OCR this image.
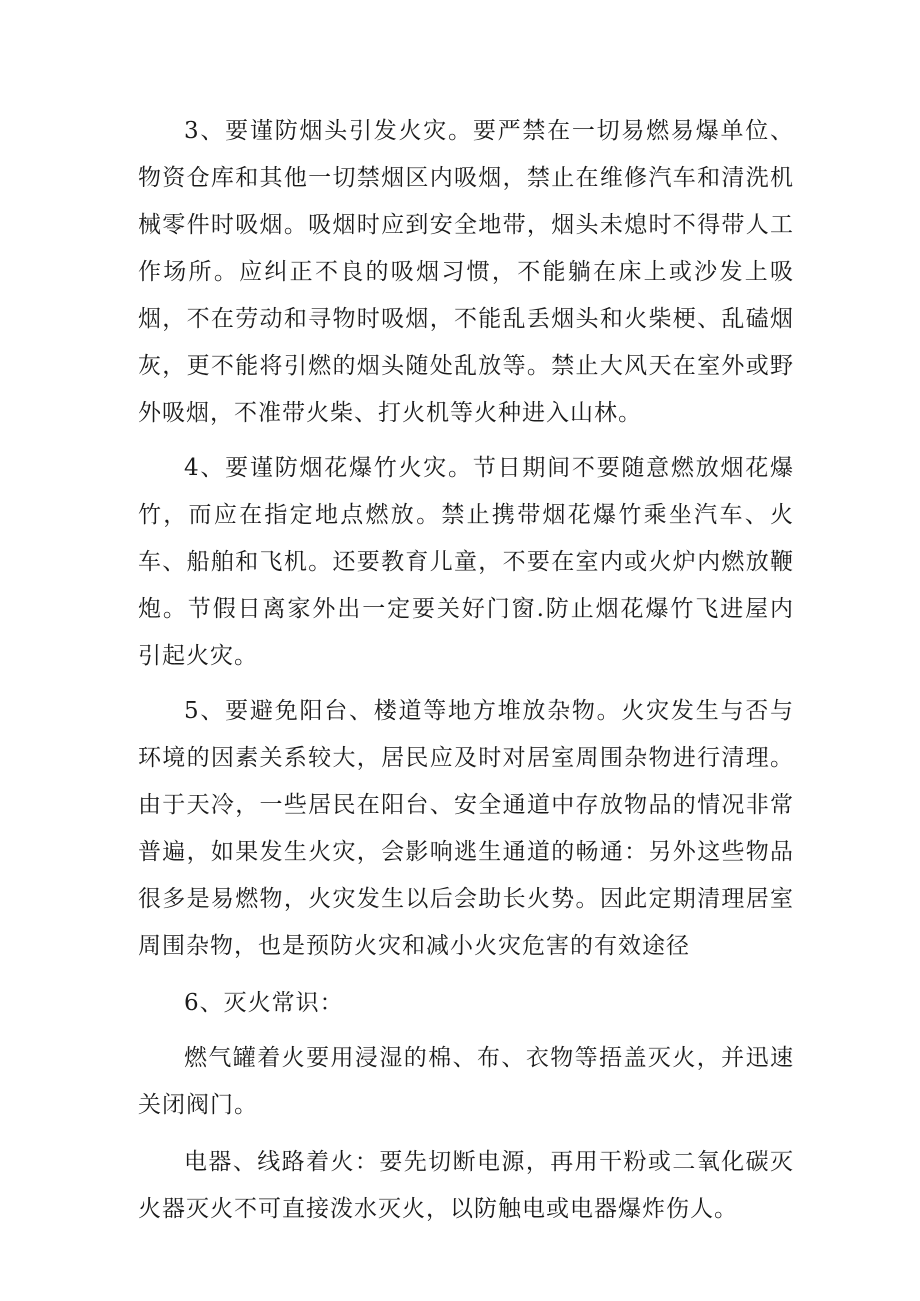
3、要谨防烟头引发火灾。要严禁在一切易燃易爆单位、物资仓库和其他一切禁烟区内吸烟，禁止在维修汽车和清洗机械零件时吸烟。吸烟时应到安全地带，烟头未熄时不得带人工作场所。应纠正不良的吸烟习惯，不能躺在床上或沙发上吸烟，不在劳动和寻物时吸烟，不能乱丢烟头和火柴梗、乱磕烟灰，更不能将引燃的烟头随处乱放等。禁止大风天在室外或野外吸烟，不准带火柴、打火机等火种进入山林。

4、要谨防烟花爆竹火灾。节日期间不要随意燃放烟花爆竹，而应在指定地点燃放。禁止携带烟花爆竹乘坐汽车、火车、船舶和飞机。还要教育儿童，不要在室内或火炉内燃放鞭炮。节假日离家外出一定要关好门窗.防止烟花爆竹飞进屋内引起火灾。

5、要避免阳台、楼道等地方堆放杂物。火灾发生与否与环境的因素关系较大，居民应及时对居室周围杂物进行清理。由于天冷，一些居民在阳台、安全通道中存放物品的情况非常普遍，如果发生火灾，会影响逃生通道的畅通：另外这些物品很多是易燃物，火灾发生以后会助长火势。因此定期清理居室周围杂物，也是预防火灾和减小火灾危害的有效途径

6、灭火常识：

燃气罐着火要用浸湿的棉、布、衣物等捂盖灭火，并迅速关闭阀门。

电器、线路着火：要先切断电源，再用干粉或二氧化碳灭火器灭火不可直接泼水灭火，以防触电或电器爆炸伤人。
